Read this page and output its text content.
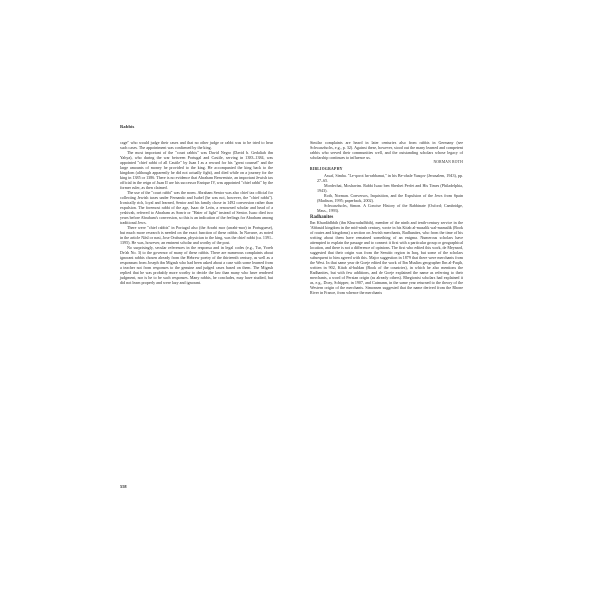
Rabbis

cage" who would judge their cases and that no other judge or rabbi was to be tried to hear such cases. The appointment was confirmed by the king.

The most important of the "court rabbis" was David Negro (David b. Gedaliah ibn Yahya), who during the war between Portugal and Castile, serving in 1383–1384, was appointed "chief rabbi of all Castile" by Juan I as a reward for his "great counsel" and the large amounts of money he provided to the king. He accompanied the king back to the kingdom (although apparently he did not actually fight), and died while on a journey for the king in 1385 or 1386. There is no evidence that Abraham Benveniste, an important Jewish tax official in the reign of Juan II are his successor Enrique IV, was appointed "chief rabbi" by the former ruler, as then claimed.

The use of the "court rabbi" was the norm. Abraham Senior was also chief tax official for collecting Jewish taxes under Fernando and Isabel (he was not, however, the "chief rabbi"). Ironically rich, loyal and learned, Senior and his family chose in 1492 conversion rather than expulsion. The foremost rabbi of the age, Isaac de León, a renowned scholar and head of a yeshivah, referred to Abraham as Sonrir or "Hater of light" instead of Senior. Isaac died two years before Abraham's conversion, so this is an indication of the feelings for Abraham among traditional Jews.

There were "chief rabbis" in Portugal also (the Arrabi mor (arrabi-mor) in Portuguese), but much more research is needed on the exact function of these rabbis. In Navarre, as noted in the article Nâsî or nasi, Jose Orabuena, physician to the king, was the chief rabbi (ca. 1391–1395). He was, however, an eminent scholar and worthy of the post.

No surprisingly, secular references in the responsa and in legal codes (e.g., Tur, Yoreh De'ah No. 3) to the governor of many of these rabbis. There are numerous complaints about ignorant rabbis chosen already from the Hebrew poetry of the thirteenth century, as well as a responsum from Joseph ibn Migash who had been asked about a case with some learned from a teacher not from responses to the genuine and judged cases based on them. The Migash replied that he was probably more worthy to decide the law than many who have rendered judgment, nor is he to be such responses. Many rabbis, he concludes, may have studied, but did not learn properly and were lazy and ignorant.

Similar complaints are heard in later centuries also from rabbis in Germany (see Schwarzfuchs, e.g., p. 32). Against these, however, stood out the many learned and competent rabbis who served their communities well, and the outstanding scholars whose legacy of scholarship continues to influence us.

NORMAN ROTH

BIBLIOGRAPHY

Assaf, Simha. "Le-qorot ha-rabbanut," in his Be-ohale Yaaqov (Jerusalem, 1943), pp. 27–65.

Mordechai, Moshavim. Rabbi Isaac ben Sheshet Perfet and His Times (Philadelphia, 1943).

Roth, Norman. Conversos, Inquisition, and the Expulsion of the Jews from Spain (Madison, 1995; paperback, 2002).

Schwarzfuchs, Simon. A Concise History of the Rabbinate (Oxford; Cambridge, Mass., 1993).

Radhanites

Ibn Khurdādhbih (ibn Khurradadhbih), member of the ninth and tenth-century service in the 'Abbasid kingdom in the mid-ninth century, wrote in his Kitab al-masalik wal-mamalik (Book of routes and kingdoms) a section on Jewish merchants, Radhanites, who from the time of his writing about them have remained something of an enigma. Numerous scholars have attempted to explain the passage and to connect it first with a particular group or geographical location, and there is not a difference of opinions. The first who edited this work, de Meynard, suggested that their origin was from the Semitic region in Iraq, but some of the scholars subsequent to him agreed with this. Major suggestion in 1879 that there were merchants from the West. In that same year de Goeje edited the work of Ibn Muslim geographer Ibn al-Faqih, written in 902, Kitab al-buldan (Book of the countries), in which he also mentions the Radhanites, but with few additions, and de Goeje explained the name as referring to their merchants, a word of Persian origin (as already others). Rhegionist scholars had explained it as, e.g., Dozy, Schipper, in 1907, and Cutmann, in the same year returned to the theory of the Western origin of the merchants. Simonsen suggested that the name derived from the Rhone River in France, from whence the merchants

558
